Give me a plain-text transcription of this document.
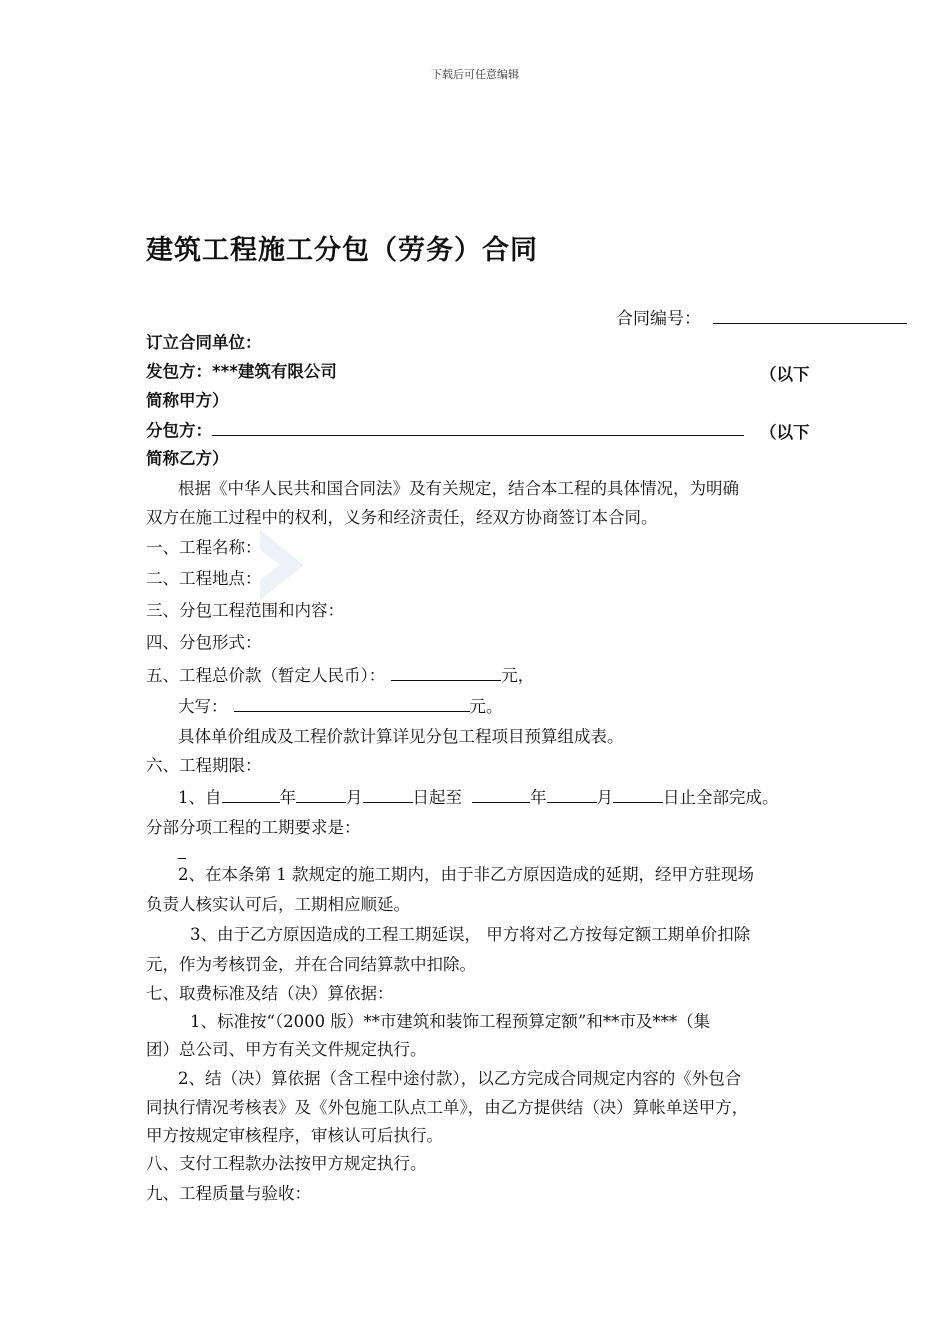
下载后可任意编辑
建筑工程施工分包（劳务）合同
合同编号：
订立合同单位：
发包方：***建筑有限公司	（以下
简称甲方）
分包方：	（以下
简称乙方）
根据《中华人民共和国合同法》及有关规定，结合本工程的具体情况，为明确
双方在施工过程中的权利，义务和经济责任，经双方协商签订本合同。
一、工程名称：
二、工程地点：
三、分包工程范围和内容：
四、分包形式：
五、工程总价款（暂定人民币）：	元，
大写：	元。
具体单价组成及工程价款计算详见分包工程项目预算组成表。
六、工程期限：
1、自	年	月	日起至	年	月	日止全部完成。
分部分项工程的工期要求是：
2、在本条第 1 款规定的施工期内，由于非乙方原因造成的延期，经甲方驻现场
负责人核实认可后，工期相应顺延。
3、由于乙方原因造成的工程工期延误， 甲方将对乙方按每定额工期单价扣除
元，作为考核罚金，并在合同结算款中扣除。
七、取费标准及结（决）算依据：
1、标准按“（2000 版）**市建筑和装饰工程预算定额”和**市及***（集
团）总公司、甲方有关文件规定执行。
2、结（决）算依据（含工程中途付款），以乙方完成合同规定内容的《外包合
同执行情况考核表》及《外包施工队点工单》，由乙方提供结（决）算帐单送甲方，
甲方按规定审核程序，审核认可后执行。
八、支付工程款办法按甲方规定执行。
九、工程质量与验收：
